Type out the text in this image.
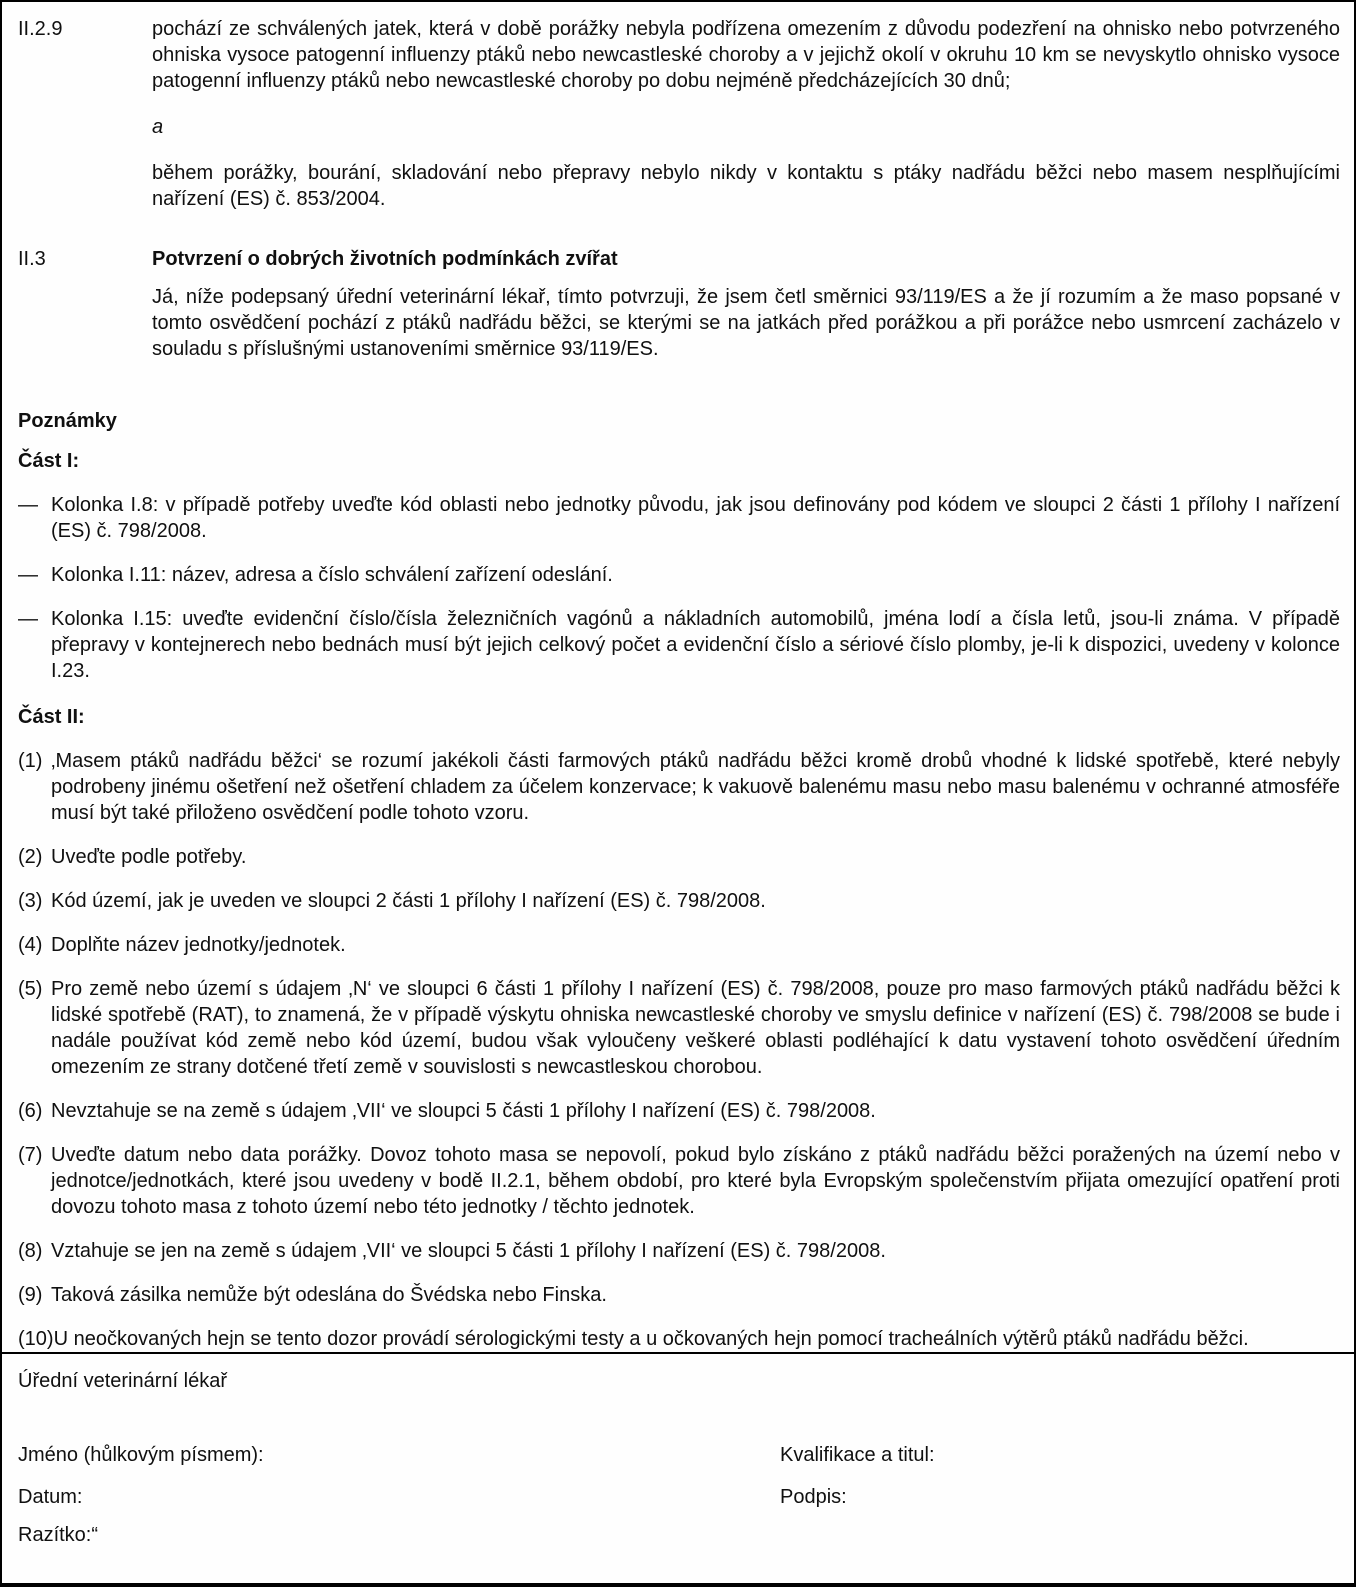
II.2.9	pochází ze schválených jatek, která v době porážky nebyla podřízena omezením z důvodu podezření na ohnisko nebo potvrzeného ohniska vysoce patogenní influenzy ptáků nebo newcastleské choroby a v jejichž okolí v okruhu 10 km se nevyskytlo ohnisko vysoce patogenní influenzy ptáků nebo newcastleské choroby po dobu nejméně předcházejících 30 dnů;
a
během porážky, bourání, skladování nebo přepravy nebylo nikdy v kontaktu s ptáky nadřádu běžci nebo masem nesplňujícími nařízení (ES) č. 853/2004.
II.3	Potvrzení o dobrých životních podmínkách zvířat
Já, níže podepsaný úřední veterinární lékař, tímto potvrzuji, že jsem četl směrnici 93/119/ES a že jí rozumím a že maso popsané v tomto osvědčení pochází z ptáků nadřádu běžci, se kterými se na jatkách před porážkou a při porážce nebo usmrcení zacházelo v souladu s příslušnými ustanoveními směrnice 93/119/ES.
Poznámky
Část I:
— Kolonka I.8: v případě potřeby uveďte kód oblasti nebo jednotky původu, jak jsou definovány pod kódem ve sloupci 2 části 1 přílohy I nařízení (ES) č. 798/2008.
— Kolonka I.11: název, adresa a číslo schválení zařízení odeslání.
— Kolonka I.15: uveďte evidenční číslo/čísla železničních vagónů a nákladních automobilů, jména lodí a čísla letů, jsou-li známa. V případě přepravy v kontejnerech nebo bednách musí být jejich celkový počet a evidenční číslo a sériové číslo plomby, je-li k dispozici, uvedeny v kolonce I.23.
Část II:
(1) ‚Masem ptáků nadřádu běžci‘ se rozumí jakékoli části farmových ptáků nadřádu běžci kromě drobů vhodné k lidské spotřebě, které nebyly podrobeny jinému ošetření než ošetření chladem za účelem konzervace; k vakuově balenému masu nebo masu balenému v ochranné atmosféře musí být také přiloženo osvědčení podle tohoto vzoru.
(2) Uveďte podle potřeby.
(3) Kód území, jak je uveden ve sloupci 2 části 1 přílohy I nařízení (ES) č. 798/2008.
(4) Doplňte název jednotky/jednotek.
(5) Pro země nebo území s údajem ‚N‘ ve sloupci 6 části 1 přílohy I nařízení (ES) č. 798/2008, pouze pro maso farmových ptáků nadřádu běžci k lidské spotřebě (RAT), to znamená, že v případě výskytu ohniska newcastleské choroby ve smyslu definice v nařízení (ES) č. 798/2008 se bude i nadále používat kód země nebo kód území, budou však vyloučeny veškeré oblasti podléhající k datu vystavení tohoto osvědčení úředním omezením ze strany dotčené třetí země v souvislosti s newcastleskou chorobou.
(6) Nevztahuje se na země s údajem ‚VII‘ ve sloupci 5 části 1 přílohy I nařízení (ES) č. 798/2008.
(7) Uveďte datum nebo data porážky. Dovoz tohoto masa se nepovolí, pokud bylo získáno z ptáků nadřádu běžci poražených na území nebo v jednotce/jednotkách, které jsou uvedeny v bodě II.2.1, během období, pro které byla Evropským společenstvím přijata omezující opatření proti dovozu tohoto masa z tohoto území nebo této jednotky / těchto jednotek.
(8) Vztahuje se jen na země s údajem ‚VII‘ ve sloupci 5 části 1 přílohy I nařízení (ES) č. 798/2008.
(9) Taková zásilka nemůže být odeslána do Švédska nebo Finska.
(10) U neočkovaných hejn se tento dozor provádí sérologickými testy a u očkovaných hejn pomocí tracheálních výtěrů ptáků nadřádu běžci.
Úřední veterinární lékař
Jméno (hůlkovým písmem):	Kvalifikace a titul:
Datum:	Podpis:
Razítko:“
